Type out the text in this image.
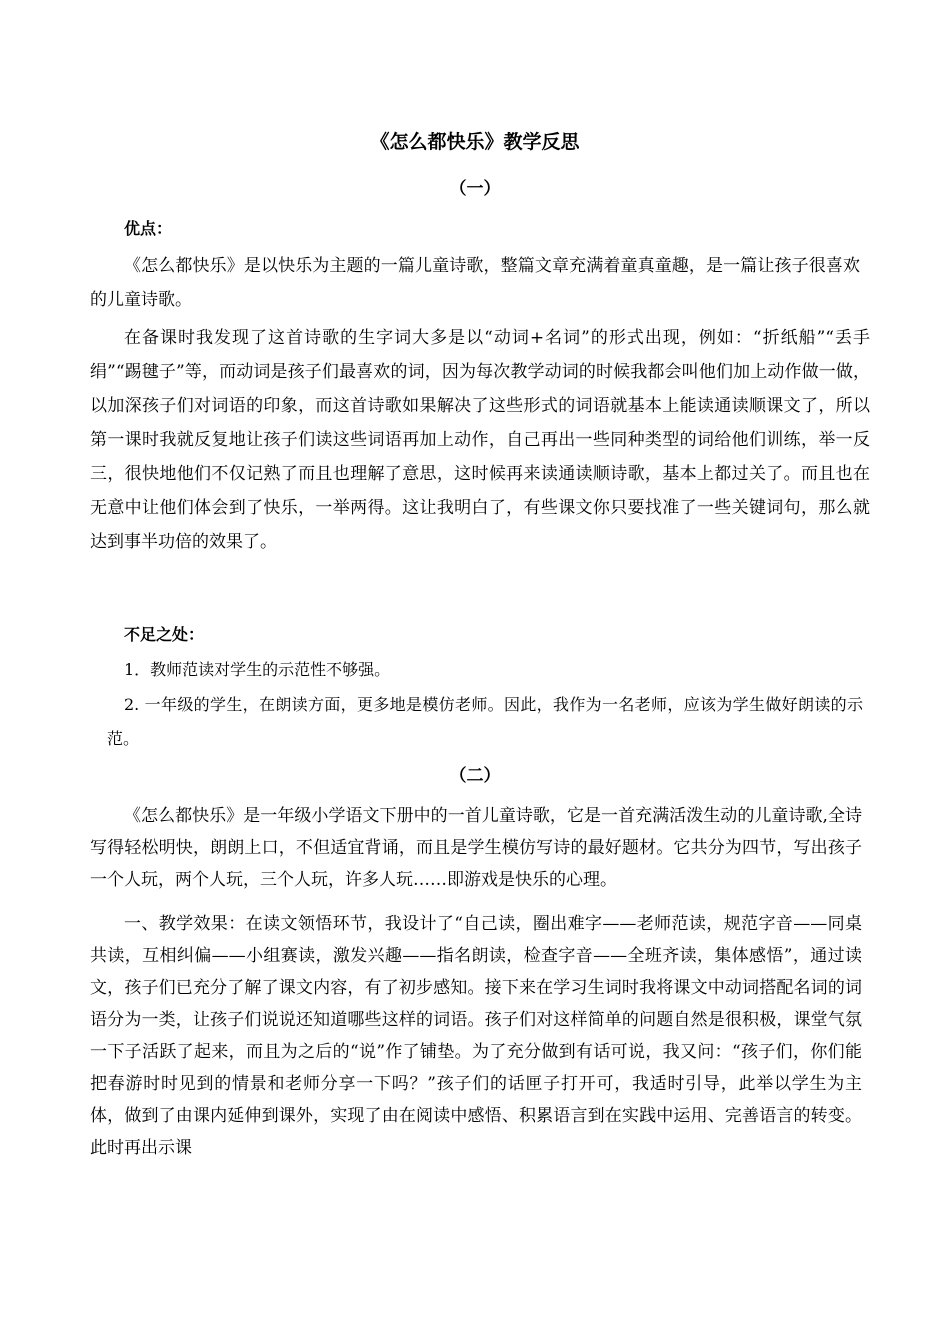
《怎么都快乐》教学反思
（一）
优点：

《怎么都快乐》是以快乐为主题的一篇儿童诗歌，整篇文章充满着童真童趣，是一篇让孩子很喜欢的儿童诗歌。

在备课时我发现了这首诗歌的生字词大多是以“动词+名词”的形式出现，例如：“折纸船”“丢手绢”“踢毽子”等，而动词是孩子们最喜欢的词，因为每次教学动词的时候我都会叫他们加上动作做一做，以加深孩子们对词语的印象，而这首诗歌如果解决了这些形式的词语就基本上能读通读顺课文了，所以第一课时我就反复地让孩子们读这些词语再加上动作，自己再出一些同种类型的词给他们训练，举一反三，很快地他们不仅记熟了而且也理解了意思，这时候再来读通读顺诗歌，基本上都过关了。而且也在无意中让他们体会到了快乐，一举两得。这让我明白了，有些课文你只要找准了一些关键词句，那么就达到事半功倍的效果了。

不足之处：
1．教师范读对学生的示范性不够强。

2. 一年级的学生，在朗读方面，更多地是模仿老师。因此，我作为一名老师，应该为学生做好朗读的示范。

（二）

《怎么都快乐》是一年级小学语文下册中的一首儿童诗歌，它是一首充满活泼生动的儿童诗歌,全诗写得轻松明快，朗朗上口，不但适宜背诵，而且是学生模仿写诗的最好题材。它共分为四节，写出孩子一个人玩，两个人玩，三个人玩，许多人玩……即游戏是快乐的心理。

一、教学效果：在读文领悟环节，我设计了“自己读，圈出难字——老师范读，规范字音——同桌共读，互相纠偏——小组赛读，激发兴趣——指名朗读，检查字音——全班齐读，集体感悟”，通过读文，孩子们已充分了解了课文内容，有了初步感知。接下来在学习生词时我将课文中动词搭配名词的词语分为一类，让孩子们说说还知道哪些这样的词语。孩子们对这样简单的问题自然是很积极，课堂气氛一下子活跃了起来，而且为之后的“说”作了铺垫。为了充分做到有话可说，我又问：“孩子们，你们能把春游时时见到的情景和老师分享一下吗？”孩子们的话匣子打开可，我适时引导，此举以学生为主体，做到了由课内延伸到课外，实现了由在阅读中感悟、积累语言到在实践中运用、完善语言的转变。此时再出示课
